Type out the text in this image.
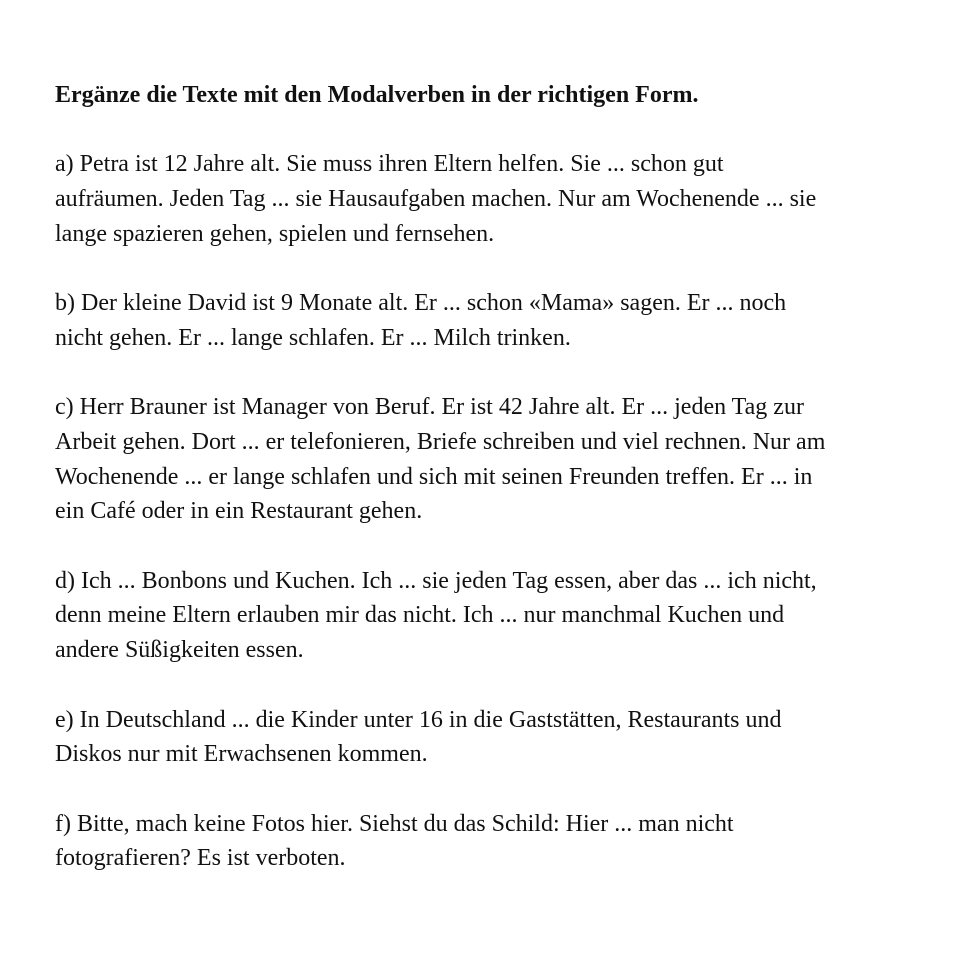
Ergänze die Texte mit den Modalverben in der richtigen Form.
a) Petra ist 12 Jahre alt. Sie muss ihren Eltern helfen. Sie ... schon gut
aufräumen. Jeden Tag ... sie Hausaufgaben machen. Nur am Wochenende ... sie
lange spazieren gehen, spielen und fernsehen.
b) Der kleine David ist 9 Monate alt. Er ... schon «Mama» sagen. Er ... noch
nicht gehen. Er ... lange schlafen. Er ... Milch trinken.
c) Herr Brauner ist Manager von Beruf. Er ist 42 Jahre alt. Er ... jeden Tag zur
Arbeit gehen. Dort ... er telefonieren, Briefe schreiben und viel rechnen. Nur am
Wochenende ... er lange schlafen und sich mit seinen Freunden treffen. Er ... in
ein Café oder in ein Restaurant gehen.
d) Ich ... Bonbons und Kuchen. Ich ... sie jeden Tag essen, aber das ... ich nicht,
denn meine Eltern erlauben mir das nicht. Ich ... nur manchmal Kuchen und
andere Süßigkeiten essen.
e) In Deutschland ... die Kinder unter 16 in die Gaststätten, Restaurants und
Diskos nur mit Erwachsenen kommen.
f) Bitte, mach keine Fotos hier. Siehst du das Schild: Hier ... man nicht
fotografieren? Es ist verboten.
